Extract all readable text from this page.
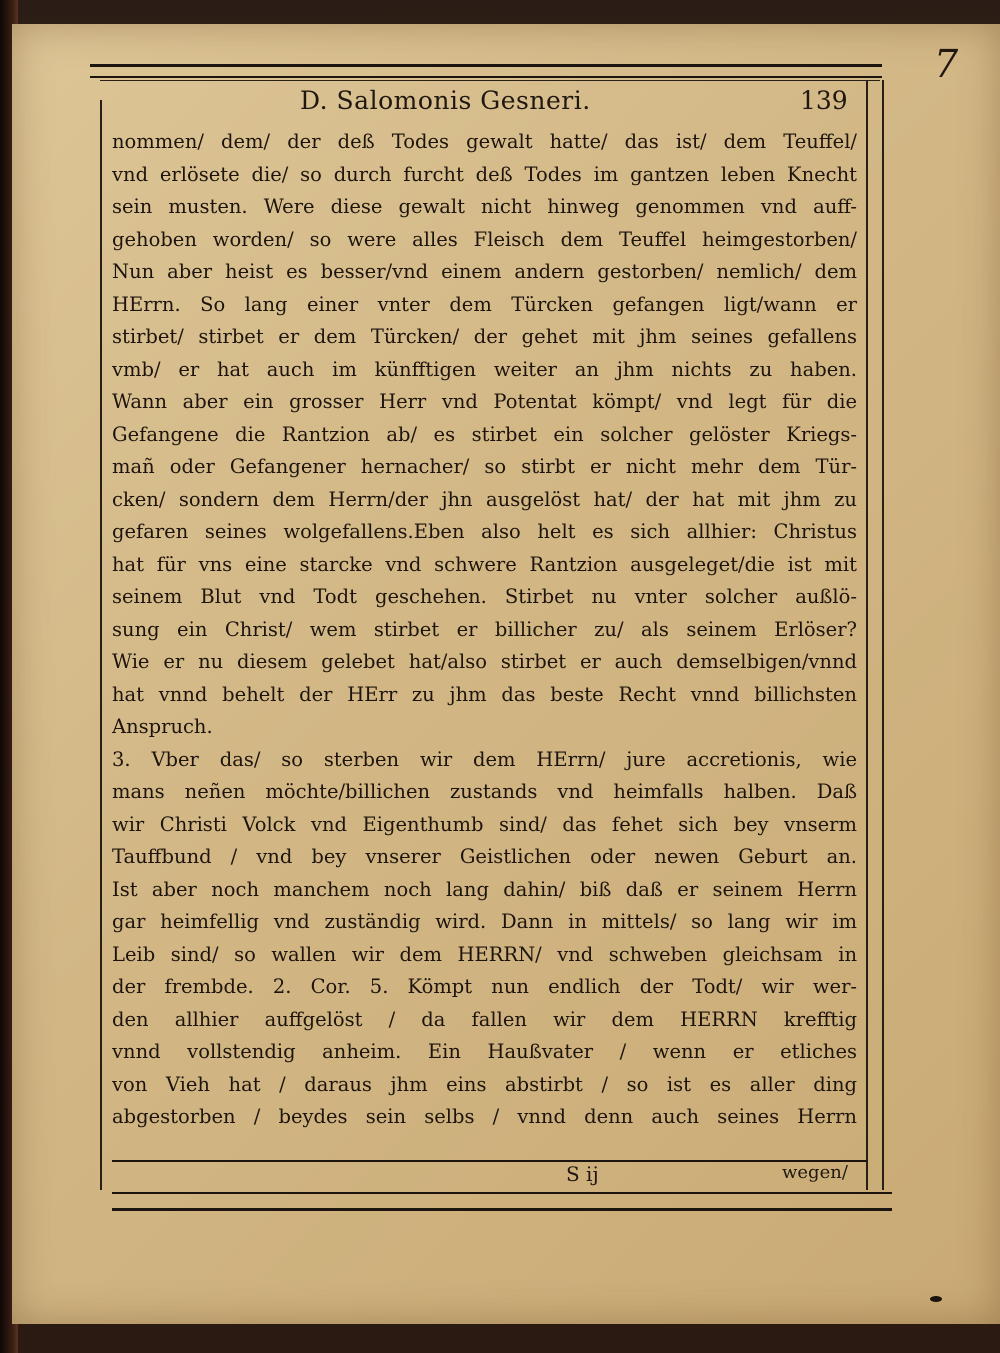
7
D. Salomonis Gesneri.	139
nommen/ dem/ der deß Todes gewalt hatte/ das ist/ dem Teuffel/
vnd erlösete die/ so durch furcht deß Todes im gantzen leben Knecht
sein musten. Were diese gewalt nicht hinweg genommen vnd auff-
gehoben worden/ so were alles Fleisch dem Teuffel heimgestorben/
Nun aber heist es besser/vnd einem andern gestorben/ nemlich/ dem
HErrn. So lang einer vnter dem Türcken gefangen ligt/wann er
stirbet/ stirbet er dem Türcken/ der gehet mit jhm seines gefallens
vmb/ er hat auch im künfftigen weiter an jhm nichts zu haben.
Wann aber ein grosser Herr vnd Potentat kömpt/ vnd legt für die
Gefangene die Rantzion ab/ es stirbet ein solcher gelöster Kriegs-
mañ oder Gefangener hernacher/ so stirbt er nicht mehr dem Tür-
cken/ sondern dem Herrn/der jhn ausgelöst hat/ der hat mit jhm zu
gefaren seines wolgefallens.Eben also helt es sich allhier: Christus
hat für vns eine starcke vnd schwere Rantzion ausgeleget/die ist mit
seinem Blut vnd Todt geschehen. Stirbet nu vnter solcher außlö-
sung ein Christ/ wem stirbet er billicher zu/ als seinem Erlöser?
Wie er nu diesem gelebet hat/also stirbet er auch demselbigen/vnnd
hat vnnd behelt der HErr zu jhm das beste Recht vnnd billichsten
Anspruch.
3. Vber das/ so sterben wir dem HErrn/ jure accretionis, wie
mans neñen möchte/billichen zustands vnd heimfalls halben. Daß
wir Christi Volck vnd Eigenthumb sind/ das fehet sich bey vnserm
Tauffbund / vnd bey vnserer Geistlichen oder newen Geburt an.
Ist aber noch manchem noch lang dahin/ biß daß er seinem Herrn
gar heimfellig vnd zuständig wird. Dann in mittels/ so lang wir im
Leib sind/ so wallen wir dem HERRN/ vnd schweben gleichsam in
der frembde. 2. Cor. 5. Kömpt nun endlich der Todt/ wir wer-
den allhier auffgelöst / da fallen wir dem HERRN krefftig
vnnd vollstendig anheim. Ein Haußvater / wenn er etliches
von Vieh hat / daraus jhm eins abstirbt / so ist es aller ding
abgestorben / beydes sein selbs / vnnd denn auch seines Herrn
S ij	wegen/
